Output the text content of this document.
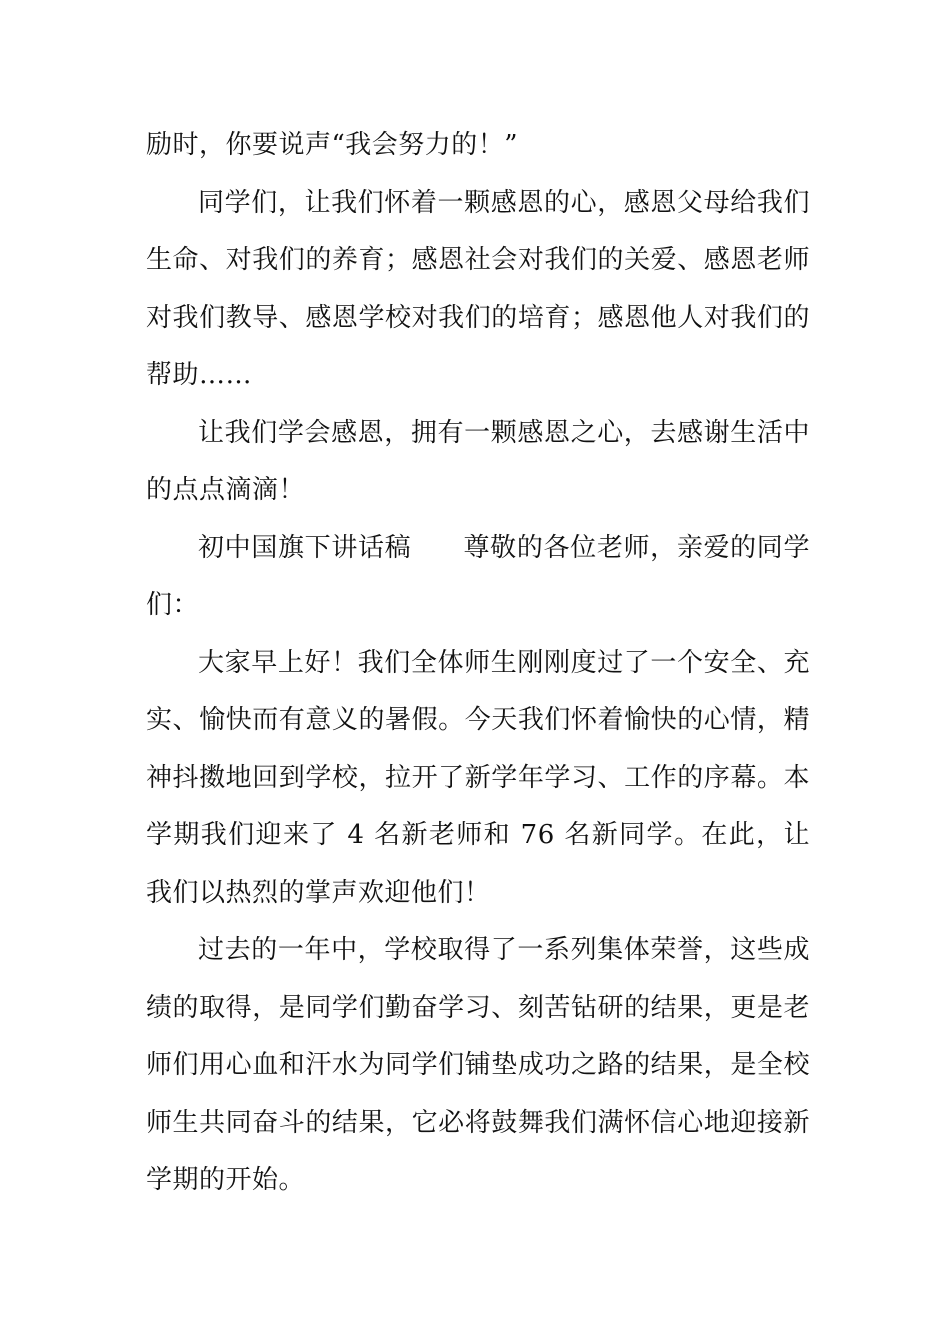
励时，你要说声“我会努力的！”

同学们，让我们怀着一颗感恩的心，感恩父母给我们生命、对我们的养育；感恩社会对我们的关爱、感恩老师对我们教导、感恩学校对我们的培育；感恩他人对我们的帮助……

让我们学会感恩，拥有一颗感恩之心，去感谢生活中的点点滴滴！

初中国旗下讲话稿 尊敬的各位老师，亲爱的同学们：

大家早上好！我们全体师生刚刚度过了一个安全、充实、愉快而有意义的暑假。今天我们怀着愉快的心情，精神抖擞地回到学校，拉开了新学年学习、工作的序幕。本学期我们迎来了 4 名新老师和 76 名新同学。在此，让我们以热烈的掌声欢迎他们！

过去的一年中，学校取得了一系列集体荣誉，这些成绩的取得，是同学们勤奋学习、刻苦钻研的结果，更是老师们用心血和汗水为同学们铺垫成功之路的结果，是全校师生共同奋斗的结果，它必将鼓舞我们满怀信心地迎接新学期的开始。
